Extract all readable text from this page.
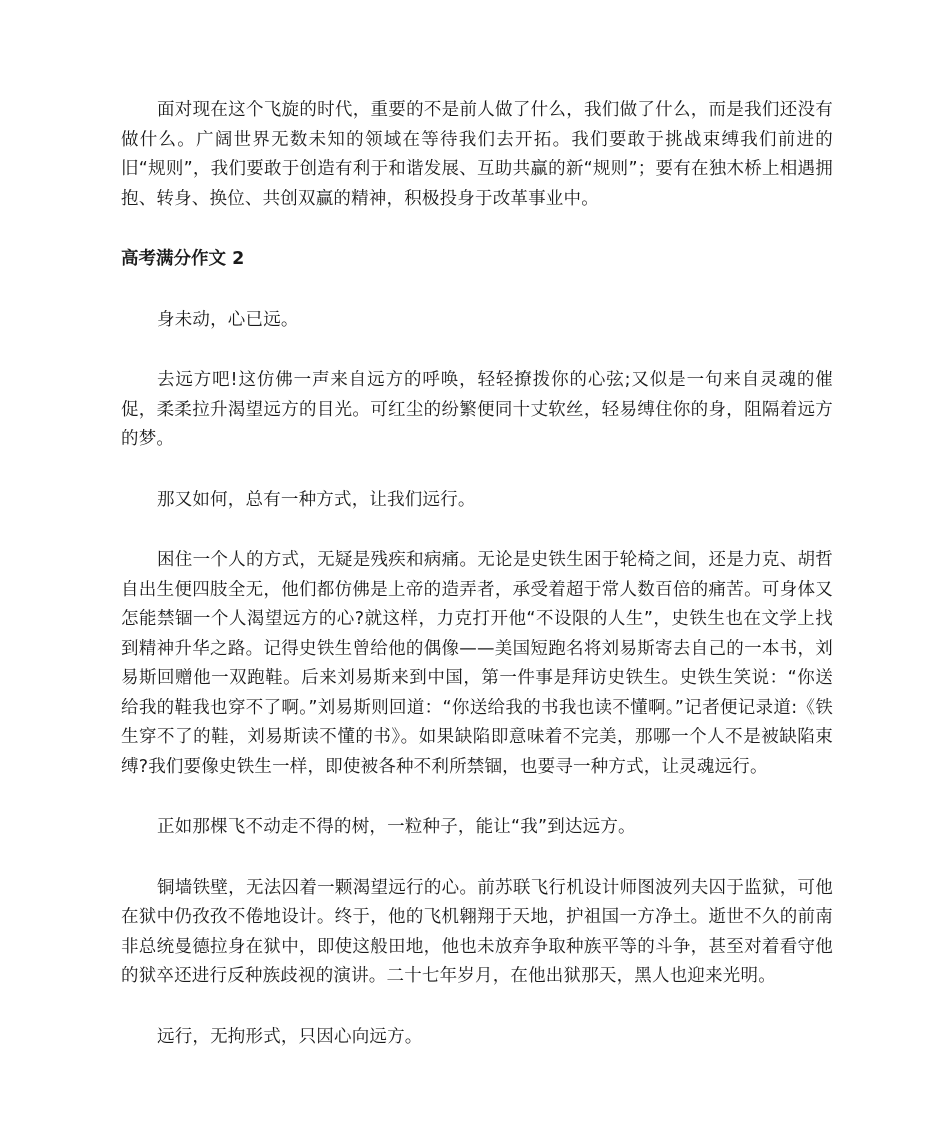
面对现在这个飞旋的时代，重要的不是前人做了什么，我们做了什么，而是我们还没有做什么。广阔世界无数未知的领域在等待我们去开拓。我们要敢于挑战束缚我们前进的旧“规则”，我们要敢于创造有利于和谐发展、互助共赢的新“规则”；要有在独木桥上相遇拥抱、转身、换位、共创双赢的精神，积极投身于改革事业中。

高考满分作文 2

身未动，心已远。

去远方吧!这仿佛一声来自远方的呼唤，轻轻撩拨你的心弦;又似是一句来自灵魂的催促，柔柔拉升渴望远方的目光。可红尘的纷繁便同十丈软丝，轻易缚住你的身，阻隔着远方的梦。

那又如何，总有一种方式，让我们远行。

困住一个人的方式，无疑是残疾和病痛。无论是史铁生困于轮椅之间，还是力克、胡哲自出生便四肢全无，他们都仿佛是上帝的造弄者，承受着超于常人数百倍的痛苦。可身体又怎能禁锢一个人渴望远方的心?就这样，力克打开他“不设限的人生”，史铁生也在文学上找到精神升华之路。记得史铁生曾给他的偶像——美国短跑名将刘易斯寄去自己的一本书，刘易斯回赠他一双跑鞋。后来刘易斯来到中国，第一件事是拜访史铁生。史铁生笑说：“你送给我的鞋我也穿不了啊。”刘易斯则回道：“你送给我的书我也读不懂啊。”记者便记录道:《铁生穿不了的鞋，刘易斯读不懂的书》。如果缺陷即意味着不完美，那哪一个人不是被缺陷束缚?我们要像史铁生一样，即使被各种不利所禁锢，也要寻一种方式，让灵魂远行。

正如那棵飞不动走不得的树，一粒种子，能让“我”到达远方。

铜墙铁壁，无法囚着一颗渴望远行的心。前苏联飞行机设计师图波列夫囚于监狱，可他在狱中仍孜孜不倦地设计。终于，他的飞机翱翔于天地，护祖国一方净土。逝世不久的前南非总统曼德拉身在狱中，即使这般田地，他也未放弃争取种族平等的斗争，甚至对着看守他的狱卒还进行反种族歧视的演讲。二十七年岁月，在他出狱那天，黑人也迎来光明。

远行，无拘形式，只因心向远方。
